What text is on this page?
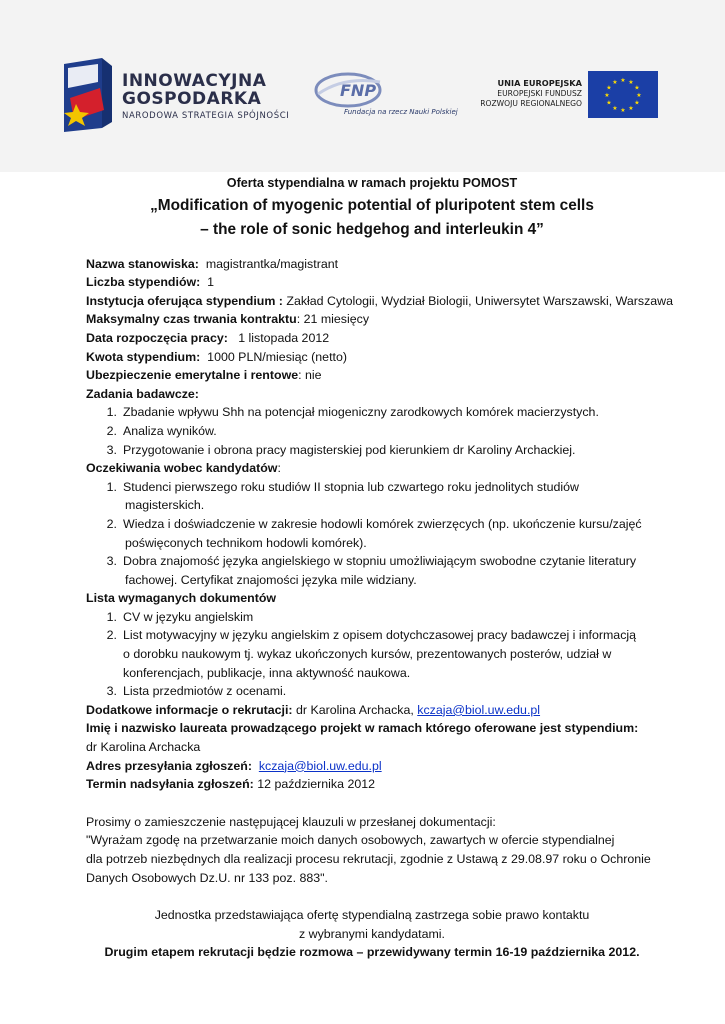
INNOWACYJNA
GOSPODARKA
NARODOWA STRATEGIA SPÓJNOŚCI
FNP
Fundacja na rzecz Nauki Polskiej
UNIA EUROPEJSKA
EUROPEJSKI FUNDUSZ
ROZWOJU REGIONALNEGO
★ ★
★
★
★
★
★
★
★
★
★
★
Oferta stypendialna w ramach projektu POMOST
„Modification of myogenic potential of pluripotent stem cells
– the role of sonic hedgehog and interleukin 4”
Nazwa stanowiska: magistrantka/magistrant
Liczba stypendiów: 1
Instytucja oferująca stypendium : Zakład Cytologii, Wydział Biologii, Uniwersytet Warszawski, Warszawa
Maksymalny czas trwania kontraktu: 21 miesięcy
Data rozpoczęcia pracy: 1 listopada 2012
Kwota stypendium: 1000 PLN/miesiąc (netto)
Ubezpieczenie emerytalne i rentowe: nie
Zadania badawcze:
1. Zbadanie wpływu Shh na potencjał miogeniczny zarodkowych komórek macierzystych.
2. Analiza wyników.
3. Przygotowanie i obrona pracy magisterskiej pod kierunkiem dr Karoliny Archackiej.
Oczekiwania wobec kandydatów:
1. Studenci pierwszego roku studiów II stopnia lub czwartego roku jednolitych studiów
magisterskich.
2. Wiedza i doświadczenie w zakresie hodowli komórek zwierzęcych (np. ukończenie kursu/zajęć
poświęconych technikom hodowli komórek).
3. Dobra znajomość języka angielskiego w stopniu umożliwiającym swobodne czytanie literatury
fachowej. Certyfikat znajomości języka mile widziany.
Lista wymaganych dokumentów
1. CV w języku angielskim
2. List motywacyjny w języku angielskim z opisem dotychczasowej pracy badawczej i informacją
o dorobku naukowym tj. wykaz ukończonych kursów, prezentowanych posterów, udział w
konferencjach, publikacje, inna aktywność naukowa.
3. Lista przedmiotów z ocenami.
Dodatkowe informacje o rekrutacji: dr Karolina Archacka, kczaja@biol.uw.edu.pl
Imię i nazwisko laureata prowadzącego projekt w ramach którego oferowane jest stypendium:
dr Karolina Archacka
Adres przesyłania zgłoszeń: kczaja@biol.uw.edu.pl
Termin nadsyłania zgłoszeń: 12 października 2012
Prosimy o zamieszczenie następującej klauzuli w przesłanej dokumentacji:
"Wyrażam zgodę na przetwarzanie moich danych osobowych, zawartych w ofercie stypendialnej
dla potrzeb niezbędnych dla realizacji procesu rekrutacji, zgodnie z Ustawą z 29.08.97 roku o Ochronie
Danych Osobowych Dz.U. nr 133 poz. 883".
Jednostka przedstawiająca ofertę stypendialną zastrzega sobie prawo kontaktu
z wybranymi kandydatami.
Drugim etapem rekrutacji będzie rozmowa – przewidywany termin 16-19 października 2012.
